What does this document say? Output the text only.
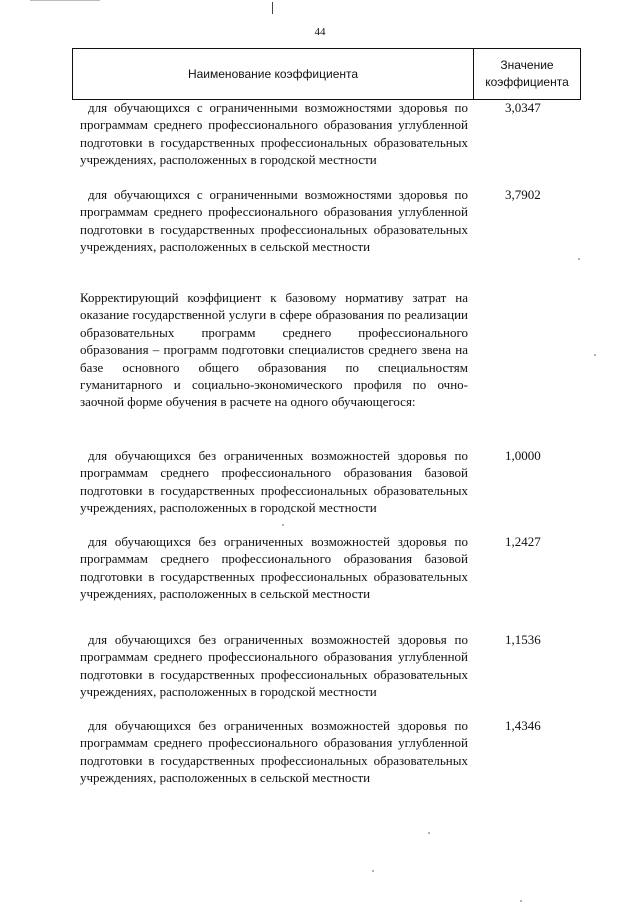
44
Наименование коэффициента
Значение
коэффициента
для обучающихся с ограниченными возможностями здоровья по программам среднего профессионального образования углубленной подготовки в государственных профессиональных образовательных учреждениях, расположенных в городской местности
3,0347
для обучающихся с ограниченными возможностями здоровья по программам среднего профессионального образования углубленной подготовки в государственных профессиональных образовательных учреждениях, расположенных в сельской местности
3,7902
Корректирующий коэффициент к базовому нормативу затрат на оказание государственной услуги в сфере образования по реализации образовательных программ среднего профессионального образования – программ подготовки специалистов среднего звена на базе основного общего образования по специальностям гуманитарного и социально-экономического профиля по очно-заочной форме обучения в расчете на одного обучающегося:
для обучающихся без ограниченных возможностей здоровья по программам среднего профессионального образования базовой подготовки в государственных профессиональных образовательных учреждениях, расположенных в городской местности
1,0000
для обучающихся без ограниченных возможностей здоровья по программам среднего профессионального образования базовой подготовки в государственных профессиональных образовательных учреждениях, расположенных в сельской местности
1,2427
для обучающихся без ограниченных возможностей здоровья по программам среднего профессионального образования углубленной подготовки в государственных профессиональных образовательных учреждениях, расположенных в городской местности
1,1536
для обучающихся без ограниченных возможностей здоровья по программам среднего профессионального образования углубленной подготовки в государственных профессиональных образовательных учреждениях, расположенных в сельской местности
1,4346
